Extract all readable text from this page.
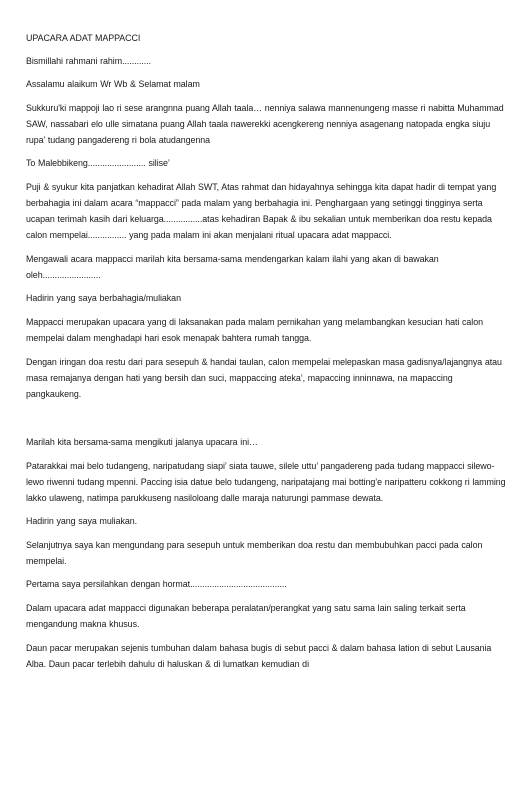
UPACARA ADAT MAPPACCI

Bismillahi rahmani rahim............

Assalamu alaikum Wr Wb & Selamat malam

Sukkuru'ki mappoji lao ri sese arangnna puang Allah taala… nenniya salawa mannenungeng masse ri nabitta Muhammad SAW, nassabari elo ulle simatana puang Allah taala nawerekki acengkereng nenniya asagenang natopada engka siuju rupa’ tudang pangadereng ri bola atudangenna

To Malebbikeng........................ silise’

Puji & syukur kita panjatkan kehadirat Allah SWT, Atas rahmat dan hidayahnya sehingga kita dapat hadir di tempat yang berbahagia ini dalam acara “mappacci” pada malam yang berbahagia ini. Penghargaan yang setinggi tingginya serta ucapan terimah kasih dari keluarga................atas kehadiran Bapak & ibu sekalian untuk memberikan doa restu kepada calon mempelai................ yang pada malam ini akan menjalani ritual upacara adat mappacci.

Mengawali acara mappacci marilah kita bersama-sama mendengarkan kalam ilahi yang akan di bawakan oleh........................

Hadirin yang saya berbahagia/muliakan

Mappacci merupakan upacara yang di laksanakan pada malam pernikahan yang melambangkan kesucian hati calon mempelai dalam menghadapi hari esok menapak bahtera rumah tangga.

Dengan iringan doa restu dari para sesepuh & handai taulan, calon mempelai melepaskan masa gadisnya/lajangnya atau masa remajanya dengan hati yang bersih dan suci, mappaccing ateka’, mapaccing inninnawa, na mapaccing pangkaukeng.

Marilah kita bersama-sama mengikuti jalanya upacara ini…

Patarakkai mai belo tudangeng, naripatudang siapi’ siata tauwe, silele uttu’ pangadereng pada tudang mappacci silewo-lewo riwenni tudang mpenni. Paccing isia datue belo tudangeng, naripatajang mai botting’e naripatteru cokkong ri lamming lakko ulaweng, natimpa parukkuseng nasiloloang dalle maraja naturungi pammase dewata.

Hadirin yang saya muliakan.

Selanjutnya saya kan mengundang para sesepuh untuk memberikan doa restu dan membubuhkan pacci pada calon mempelai.

Pertama saya persilahkan dengan hormat........................................

Dalam upacara adat mappacci digunakan beberapa peralatan/perangkat yang satu sama lain saling terkait serta mengandung makna khusus.

Daun pacar merupakan sejenis tumbuhan dalam bahasa bugis di sebut pacci & dalam bahasa lation di sebut Lausania Alba. Daun pacar terlebih dahulu di haluskan & di lumatkan kemudian di
